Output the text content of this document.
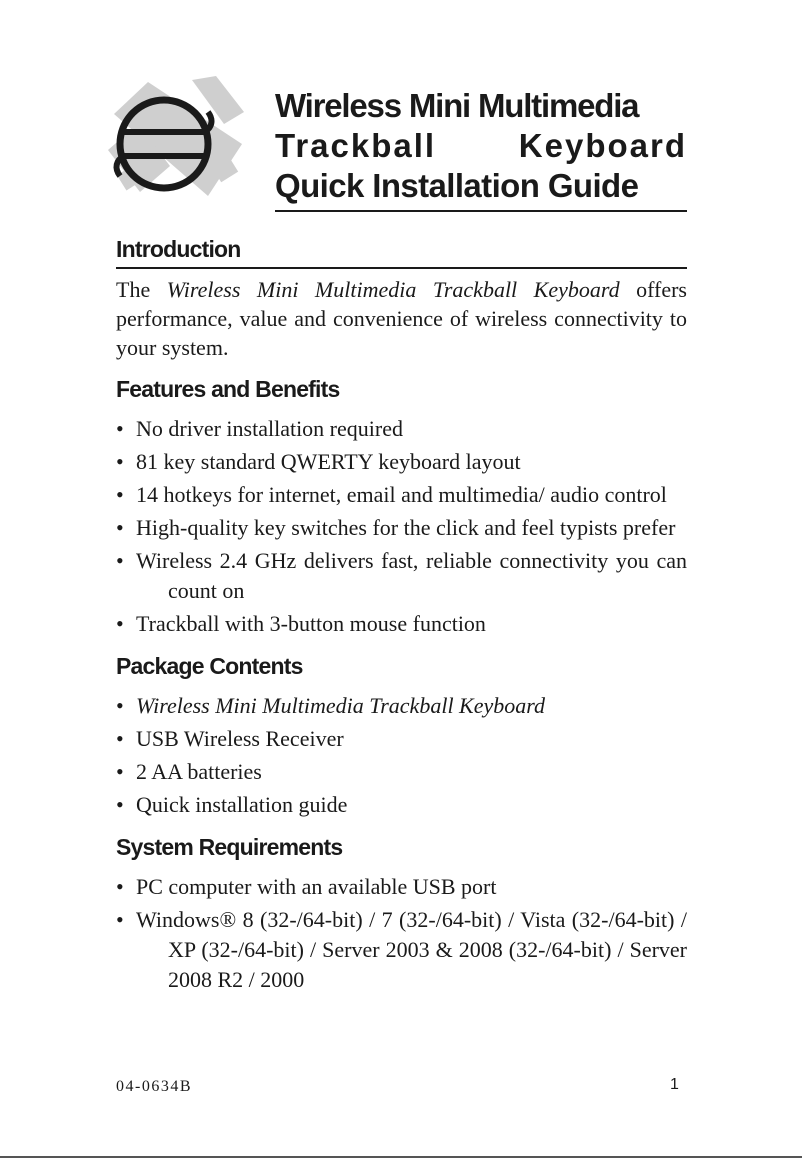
Wireless Mini Multimedia
Trackball Keyboard
Quick Installation Guide
Introduction
The Wireless Mini Multimedia Trackball Keyboard offers performance, value and convenience of wireless connectivity to your system.
Features and Benefits
• No driver installation required
• 81 key standard QWERTY keyboard layout
• 14 hotkeys for internet, email and multimedia/ audio control
• High-quality key switches for the click and feel typists prefer
• Wireless 2.4 GHz delivers fast, reliable connectivity you can count on
• Trackball with 3-button mouse function
Package Contents
• Wireless Mini Multimedia Trackball Keyboard
• USB Wireless Receiver
• 2 AA batteries
• Quick installation guide
System Requirements
• PC computer with an available USB port
• Windows® 8 (32-/64-bit) / 7 (32-/64-bit) / Vista (32-/64-bit) / XP (32-/64-bit) / Server 2003 & 2008 (32-/64-bit) / Server 2008 R2 / 2000
04-0634B	1
